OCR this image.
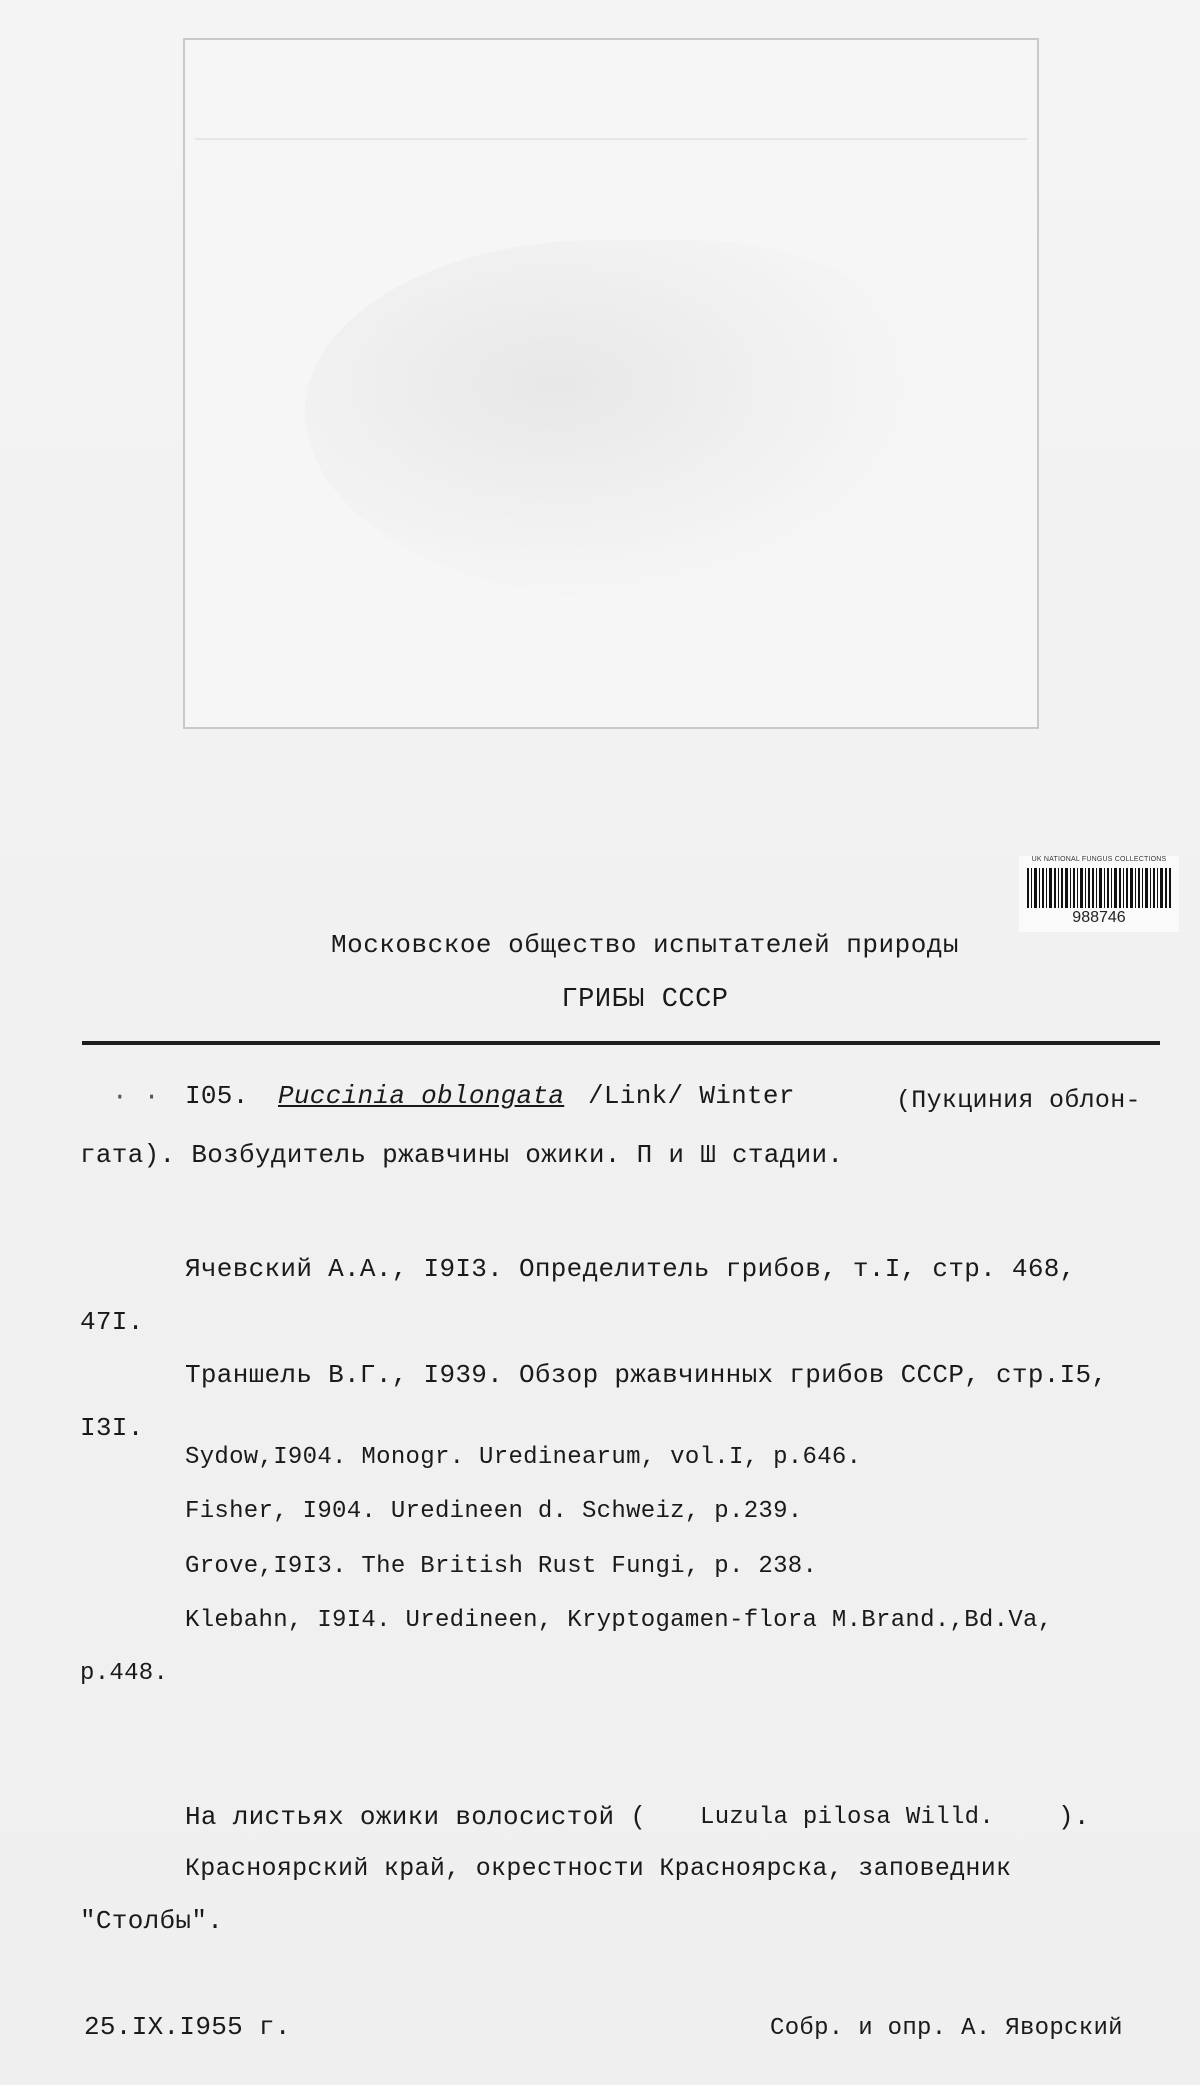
UK NATIONAL FUNGUS COLLECTIONS
988746
Московское общество испытателей природы
ГРИБЫ СССР
· · I05. Puccinia oblongata /Link/ Winter	(Пукциния облон-
гата). Возбудитель ржавчины ожики. П и Ш стадии.
Ячевский А.А., I9I3. Определитель грибов, т.I, стр. 468,
47I.
Траншель В.Г., I939. Обзор ржавчинных грибов СССР, стр.I5,
I3I.
Sydow,I904. Monogr. Uredinearum, vol.I, p.646.
Fisher, I904. Uredineen d. Schweiz, p.239.
Grove,I9I3. The British Rust Fungi, p. 238.
Klebahn, I9I4. Uredineen, Kryptogamen-flora M.Brand.,Bd.Va,
p.448.
На листьях ожики волосистой ( Luzula pilosa Willd. ).
Красноярский край, окрестности Красноярска, заповедник
"Столбы".
25.IX.I955 г.	Собр. и опр. А. Яворский
